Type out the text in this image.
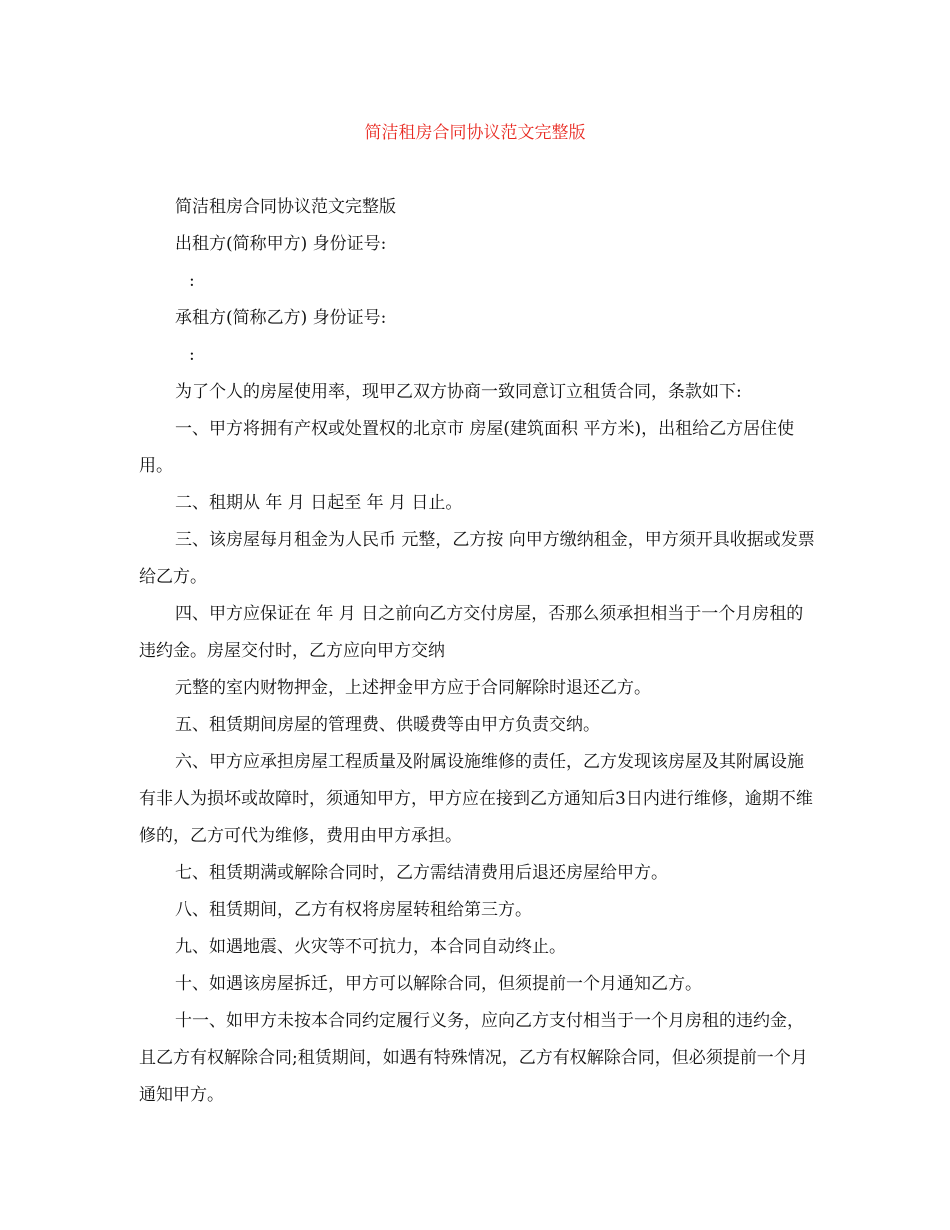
简洁租房合同协议范文完整版

简洁租房合同协议范文完整版

出租方(简称甲方) 身份证号:

:

承租方(简称乙方) 身份证号:

:

为了个人的房屋使用率，现甲乙双方协商一致同意订立租赁合同，条款如下:

一、甲方将拥有产权或处置权的北京市 房屋(建筑面积 平方米)，出租给乙方居住使用。

二、租期从 年 月 日起至 年 月 日止。

三、该房屋每月租金为人民币 元整，乙方按 向甲方缴纳租金，甲方须开具收据或发票给乙方。

四、甲方应保证在 年 月 日之前向乙方交付房屋，否那么须承担相当于一个月房租的违约金。房屋交付时，乙方应向甲方交纳

元整的室内财物押金，上述押金甲方应于合同解除时退还乙方。

五、租赁期间房屋的管理费、供暖费等由甲方负责交纳。

六、甲方应承担房屋工程质量及附属设施维修的责任，乙方发现该房屋及其附属设施有非人为损坏或故障时，须通知甲方，甲方应在接到乙方通知后3日内进行维修，逾期不维修的，乙方可代为维修，费用由甲方承担。

七、租赁期满或解除合同时，乙方需结清费用后退还房屋给甲方。

八、租赁期间，乙方有权将房屋转租给第三方。

九、如遇地震、火灾等不可抗力，本合同自动终止。

十、如遇该房屋拆迁，甲方可以解除合同，但须提前一个月通知乙方。

十一、如甲方未按本合同约定履行义务，应向乙方支付相当于一个月房租的违约金，且乙方有权解除合同;租赁期间，如遇有特殊情况，乙方有权解除合同，但必须提前一个月通知甲方。
